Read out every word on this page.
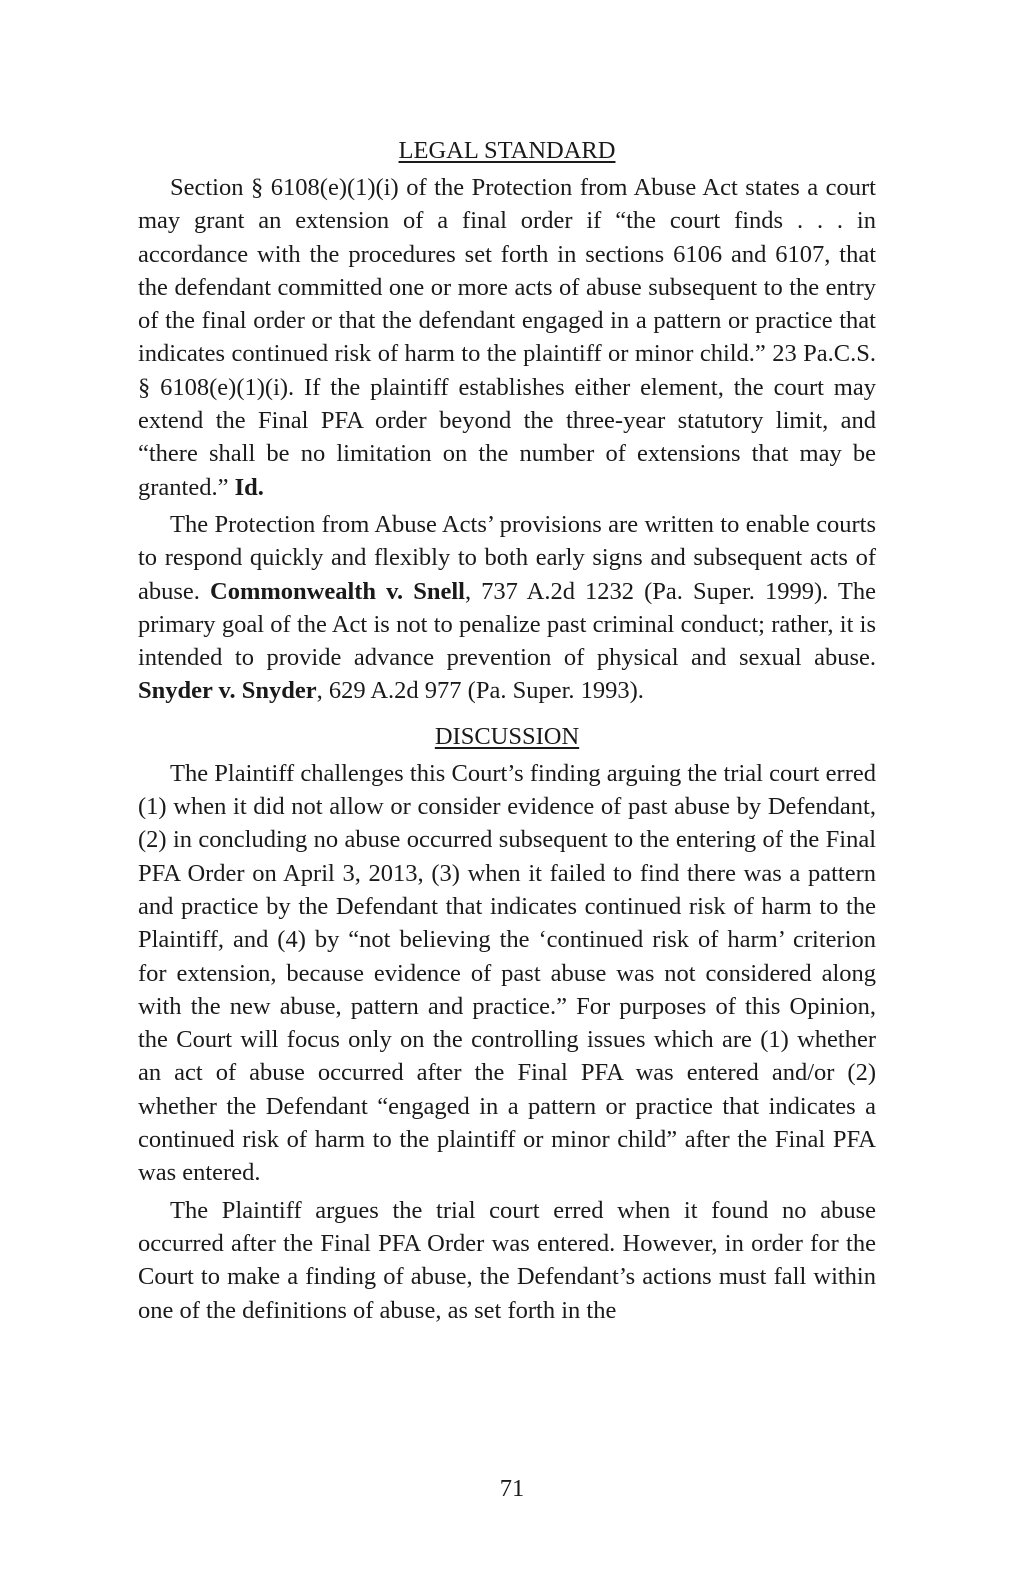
LEGAL STANDARD

Section § 6108(e)(1)(i) of the Protection from Abuse Act states a court may grant an extension of a final order if “the court finds . . . in accordance with the procedures set forth in sections 6106 and 6107, that the defendant committed one or more acts of abuse subsequent to the entry of the final order or that the defendant engaged in a pattern or practice that indicates continued risk of harm to the plaintiff or minor child.” 23 Pa.C.S. § 6108(e)(1)(i). If the plaintiff establishes either element, the court may extend the Final PFA order beyond the three-year statutory limit, and “there shall be no limitation on the number of extensions that may be granted.” Id.

The Protection from Abuse Acts’ provisions are written to enable courts to respond quickly and flexibly to both early signs and subsequent acts of abuse. Commonwealth v. Snell, 737 A.2d 1232 (Pa. Super. 1999). The primary goal of the Act is not to penalize past criminal conduct; rather, it is intended to provide advance prevention of physical and sexual abuse. Snyder v. Snyder, 629 A.2d 977 (Pa. Super. 1993).

DISCUSSION

The Plaintiff challenges this Court’s finding arguing the trial court erred (1) when it did not allow or consider evidence of past abuse by Defendant, (2) in concluding no abuse occurred subsequent to the entering of the Final PFA Order on April 3, 2013, (3) when it failed to find there was a pattern and practice by the Defendant that indicates continued risk of harm to the Plaintiff, and (4) by “not believing the ‘continued risk of harm’ criterion for extension, because evidence of past abuse was not considered along with the new abuse, pattern and practice.” For purposes of this Opinion, the Court will focus only on the controlling issues which are (1) whether an act of abuse occurred after the Final PFA was entered and/or (2) whether the Defendant “engaged in a pattern or practice that indicates a continued risk of harm to the plaintiff or minor child” after the Final PFA was entered.

The Plaintiff argues the trial court erred when it found no abuse occurred after the Final PFA Order was entered. However, in order for the Court to make a finding of abuse, the Defendant’s actions must fall within one of the definitions of abuse, as set forth in the

71
